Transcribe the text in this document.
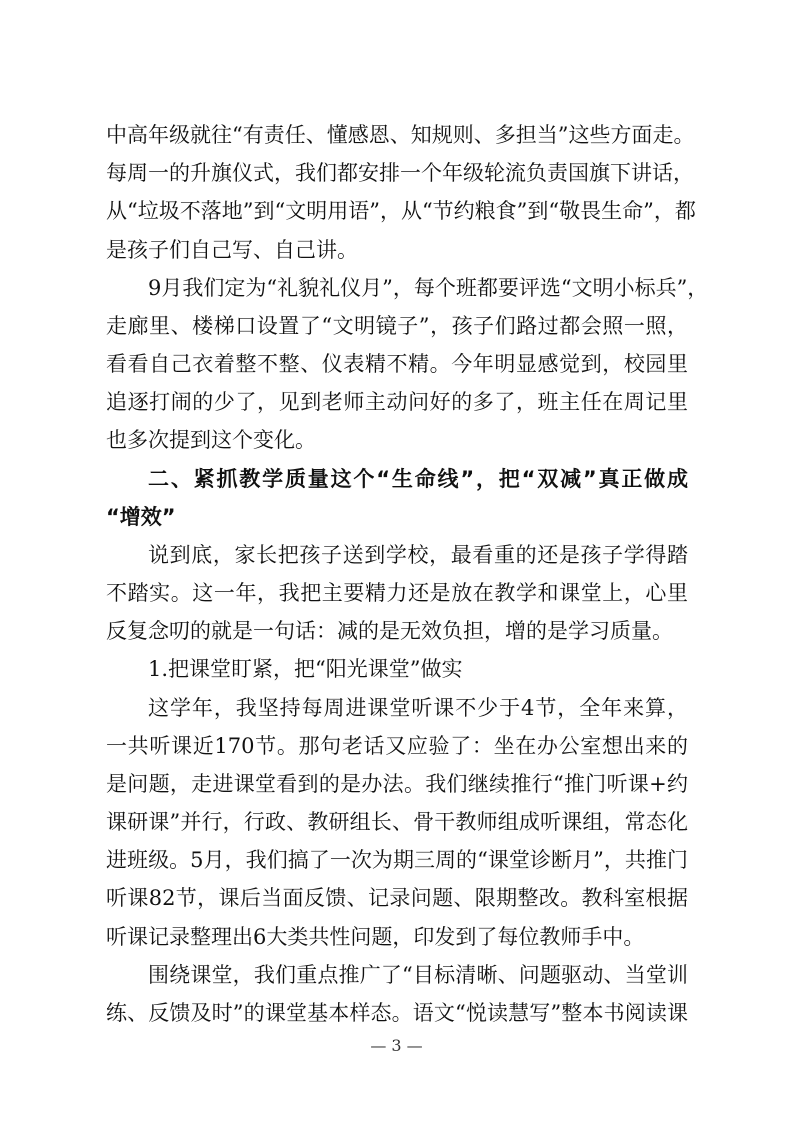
中高年级就往“有责任、懂感恩、知规则、多担当”这些方面走。
每周一的升旗仪式，我们都安排一个年级轮流负责国旗下讲话，
从“垃圾不落地”到“文明用语”，从“节约粮食”到“敬畏生命”，都
是孩子们自己写、自己讲。
9月我们定为“礼貌礼仪月”，每个班都要评选“文明小标兵”，
走廊里、楼梯口设置了“文明镜子”，孩子们路过都会照一照，
看看自己衣着整不整、仪表精不精。今年明显感觉到，校园里
追逐打闹的少了，见到老师主动问好的多了，班主任在周记里
也多次提到这个变化。
二、紧抓教学质量这个“生命线”，把“双减”真正做成
“增效”
说到底，家长把孩子送到学校，最看重的还是孩子学得踏
不踏实。这一年，我把主要精力还是放在教学和课堂上，心里
反复念叨的就是一句话：减的是无效负担，增的是学习质量。
1.把课堂盯紧，把“阳光课堂”做实
这学年，我坚持每周进课堂听课不少于4节，全年来算，
一共听课近170节。那句老话又应验了：坐在办公室想出来的
是问题，走进课堂看到的是办法。我们继续推行“推门听课+约
课研课”并行，行政、教研组长、骨干教师组成听课组，常态化
进班级。5月，我们搞了一次为期三周的“课堂诊断月”，共推门
听课82节，课后当面反馈、记录问题、限期整改。教科室根据
听课记录整理出6大类共性问题，印发到了每位教师手中。
围绕课堂，我们重点推广了“目标清晰、问题驱动、当堂训
练、反馈及时”的课堂基本样态。语文“悦读慧写”整本书阅读课
— 3 —
